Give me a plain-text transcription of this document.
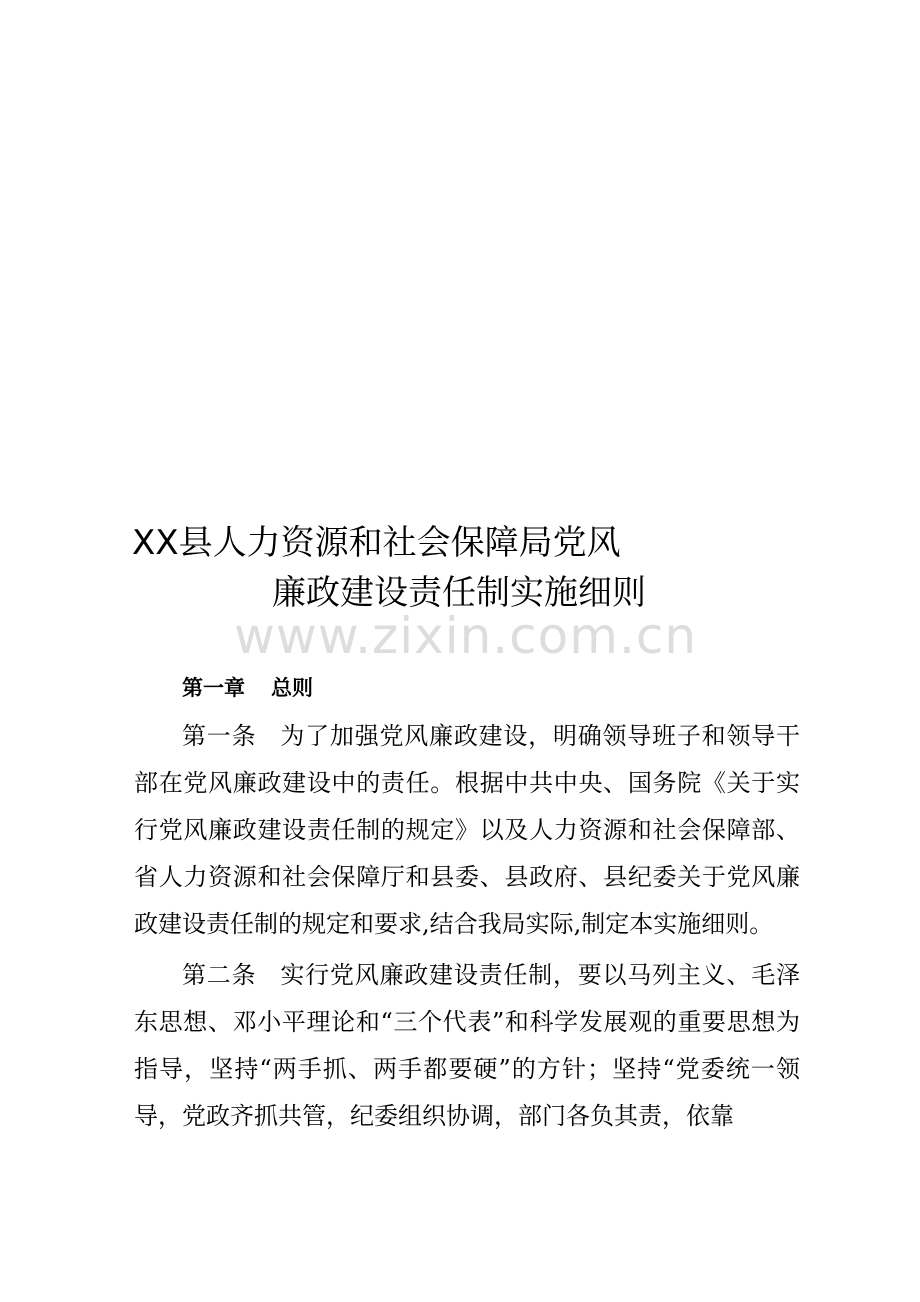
XX县人力资源和社会保障局党风
廉政建设责任制实施细则
www.zixin.com.cn
第一章 总则

第一条 为了加强党风廉政建设，明确领导班子和领导干部在党风廉政建设中的责任。根据中共中央、国务院《关于实行党风廉政建设责任制的规定》以及人力资源和社会保障部、省人力资源和社会保障厅和县委、县政府、县纪委关于党风廉政建设责任制的规定和要求,结合我局实际,制定本实施细则。

第二条 实行党风廉政建设责任制，要以马列主义、毛泽东思想、邓小平理论和“三个代表”和科学发展观的重要思想为指导，坚持“两手抓、两手都要硬”的方针；坚持“党委统一领导，党政齐抓共管，纪委组织协调，部门各负其责，依靠
